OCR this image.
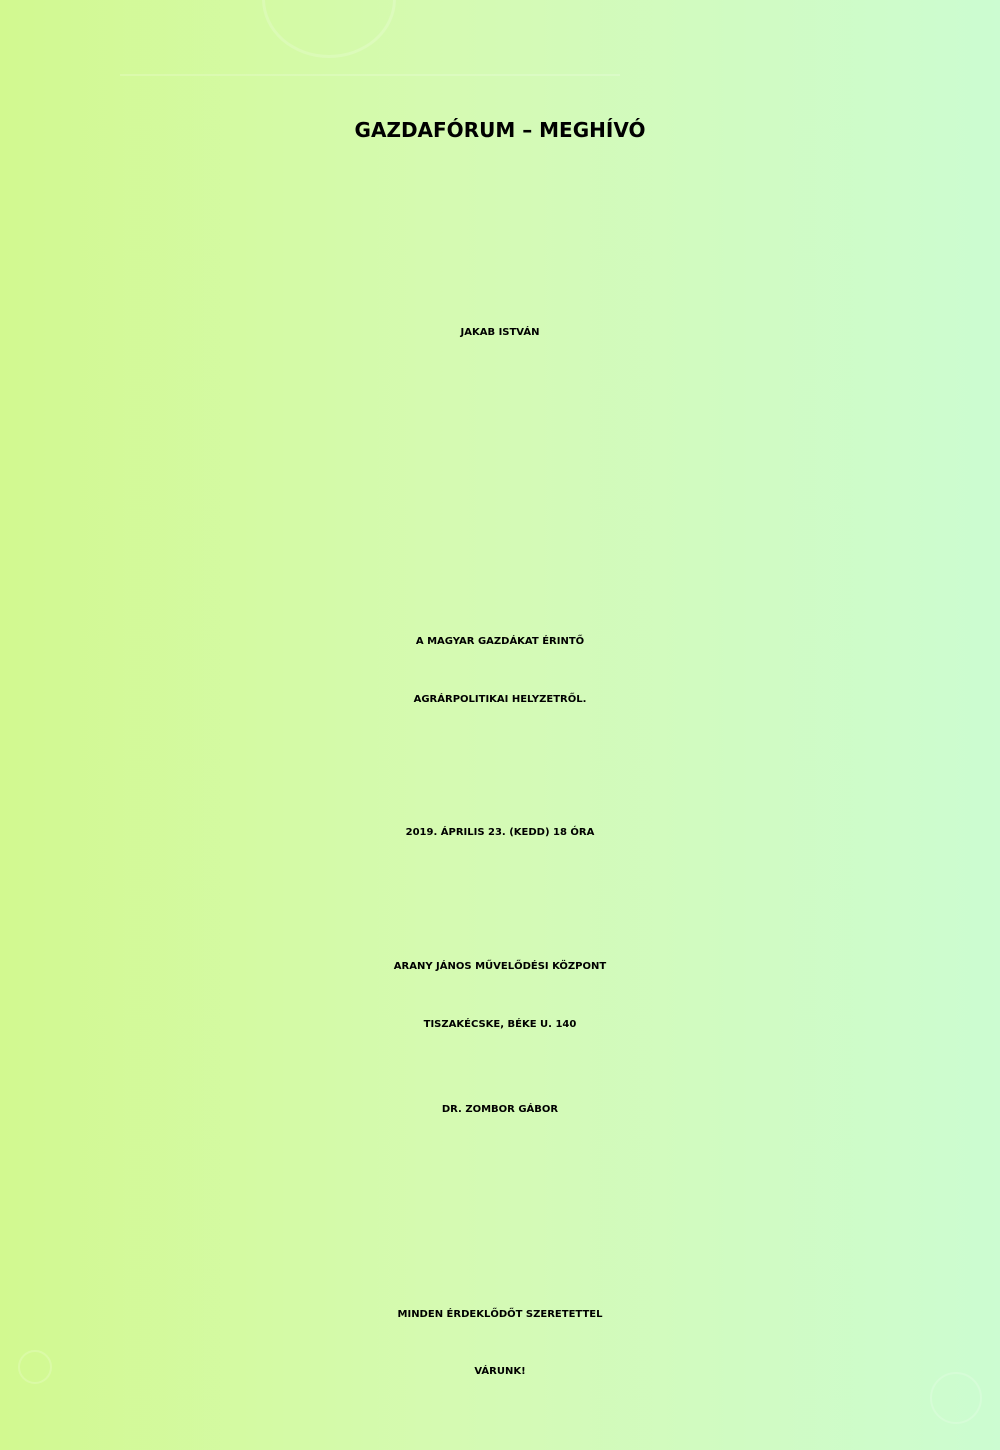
GAZDAFÓRUM – MEGHÍVÓ
JAKAB ISTVÁN
A MAGYAR GAZDÁKAT ÉRINTŐ
AGRÁRPOLITIKAI HELYZETRŐL.
2019. ÁPRILIS 23. (KEDD) 18 ÓRA
ARANY JÁNOS MŰVELŐDÉSI KÖZPONT
TISZAKÉCSKE, BÉKE U. 140
DR. ZOMBOR GÁBOR
MINDEN ÉRDEKLŐDŐT SZERETETTEL
VÁRUNK!
